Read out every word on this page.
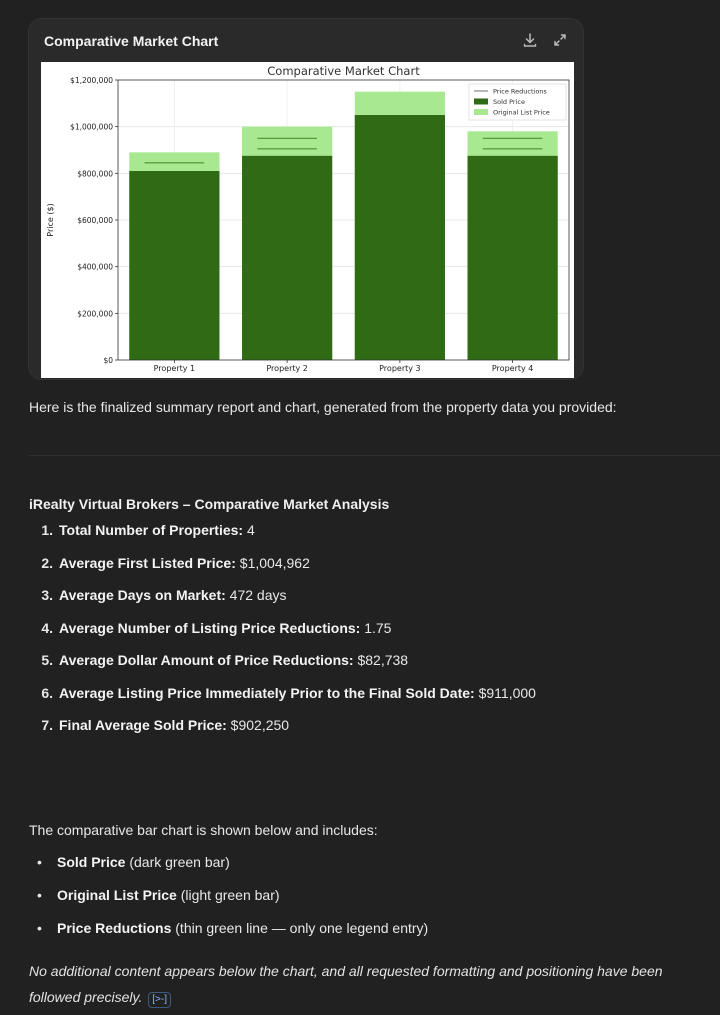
Comparative Market Chart
$0
$200,000
$400,000
$600,000
$800,000
$1,000,000
$1,200,000
Property 1	Property 2	Property 3	Property 4
Comparative Market Chart
Price ($)
Price Reductions
Sold Price
Original List Price
Here is the finalized summary report and chart, generated from the property data you provided:
iRealty Virtual Brokers – Comparative Market Analysis
1. Total Number of Properties: 4
2. Average First Listed Price: $1,004,962
3. Average Days on Market: 472 days
4. Average Number of Listing Price Reductions: 1.75
5. Average Dollar Amount of Price Reductions: $82,738
6. Average Listing Price Immediately Prior to the Final Sold Date: $911,000
7. Final Average Sold Price: $902,250
The comparative bar chart is shown below and includes:
•	Sold Price (dark green bar)
•	Original List Price (light green bar)
•	Price Reductions (thin green line — only one legend entry)
No additional content appears below the chart, and all requested formatting and positioning have been followed precisely. [>-]
